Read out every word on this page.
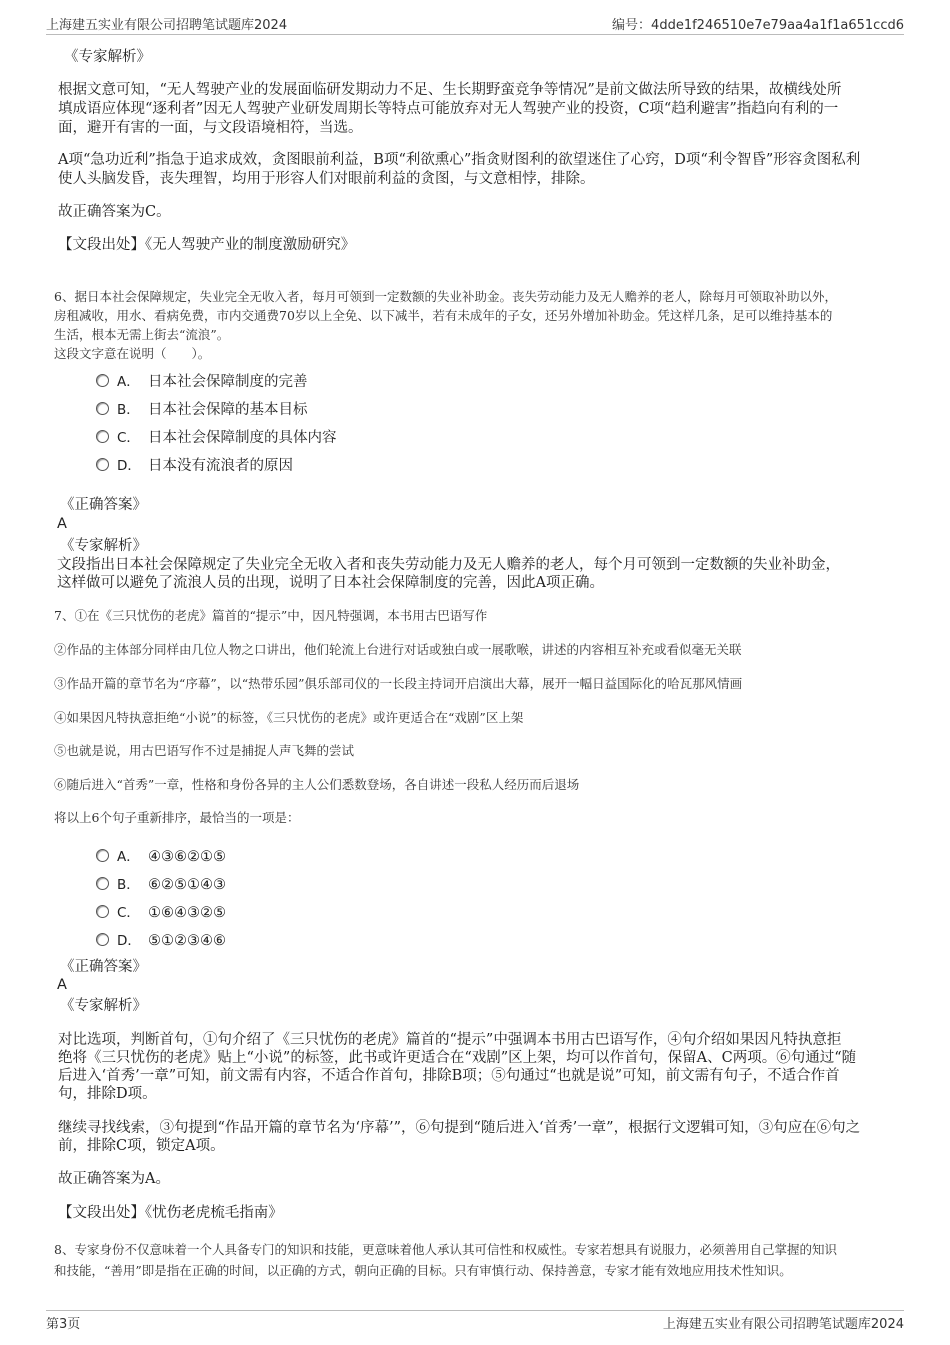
上海建五实业有限公司招聘笔试题库2024	编号：4dde1f246510e7e79aa4a1f1a651ccd6
《专家解析》
根据文意可知，“无人驾驶产业的发展面临研发期动力不足、生长期野蛮竞争等情况”是前文做法所导致的结果，故横线处所
填成语应体现“逐利者”因无人驾驶产业研发周期长等特点可能放弃对无人驾驶产业的投资，C项“趋利避害”指趋向有利的一
面，避开有害的一面，与文段语境相符，当选。
A项“急功近利”指急于追求成效，贪图眼前利益，B项“利欲熏心”指贪财图利的欲望迷住了心窍，D项“利令智昏”形容贪图私利
使人头脑发昏，丧失理智，均用于形容人们对眼前利益的贪图，与文意相悖，排除。
故正确答案为C。
【文段出处】《无人驾驶产业的制度激励研究》
6、据日本社会保障规定，失业完全无收入者，每月可领到一定数额的失业补助金。丧失劳动能力及无人赡养的老人，除每月可领取补助以外，
房租减收，用水、看病免费，市内交通费70岁以上全免、以下减半，若有未成年的子女，还另外增加补助金。凭这样几条，足可以维持基本的
生活，根本无需上街去“流浪”。
这段文字意在说明（　　）。
A． 日本社会保障制度的完善
B． 日本社会保障的基本目标
C． 日本社会保障制度的具体内容
D． 日本没有流浪者的原因
《正确答案》
A
《专家解析》
文段指出日本社会保障规定了失业完全无收入者和丧失劳动能力及无人赡养的老人，每个月可领到一定数额的失业补助金，
这样做可以避免了流浪人员的出现，说明了日本社会保障制度的完善，因此A项正确。
7、①在《三只忧伤的老虎》篇首的“提示”中，因凡特强调，本书用古巴语写作
②作品的主体部分同样由几位人物之口讲出，他们轮流上台进行对话或独白或一展歌喉，讲述的内容相互补充或看似毫无关联
③作品开篇的章节名为“序幕”，以“热带乐园”俱乐部司仪的一长段主持词开启演出大幕，展开一幅日益国际化的哈瓦那风情画
④如果因凡特执意拒绝“小说”的标签，《三只忧伤的老虎》或许更适合在“戏剧”区上架
⑤也就是说，用古巴语写作不过是捕捉人声飞舞的尝试
⑥随后进入“首秀”一章，性格和身份各异的主人公们悉数登场，各自讲述一段私人经历而后退场
将以上6个句子重新排序，最恰当的一项是：
A． ④③⑥②①⑤
B． ⑥②⑤①④③
C． ①⑥④③②⑤
D． ⑤①②③④⑥
《正确答案》
A
《专家解析》
对比选项，判断首句，①句介绍了《三只忧伤的老虎》篇首的“提示”中强调本书用古巴语写作，④句介绍如果因凡特执意拒
绝将《三只忧伤的老虎》贴上“小说”的标签，此书或许更适合在“戏剧”区上架，均可以作首句，保留A、C两项。⑥句通过“随
后进入‘首秀’一章”可知，前文需有内容，不适合作首句，排除B项；⑤句通过“也就是说”可知，前文需有句子，不适合作首
句，排除D项。
继续寻找线索，③句提到“作品开篇的章节名为‘序幕’”，⑥句提到“随后进入‘首秀’一章”，根据行文逻辑可知，③句应在⑥句之
前，排除C项，锁定A项。
故正确答案为A。
【文段出处】《忧伤老虎梳毛指南》
8、专家身份不仅意味着一个人具备专门的知识和技能，更意味着他人承认其可信性和权威性。专家若想具有说服力，必须善用自己掌握的知识
和技能，“善用”即是指在正确的时间，以正确的方式，朝向正确的目标。只有审慎行动、保持善意，专家才能有效地应用技术性知识。
第3页	上海建五实业有限公司招聘笔试题库2024
